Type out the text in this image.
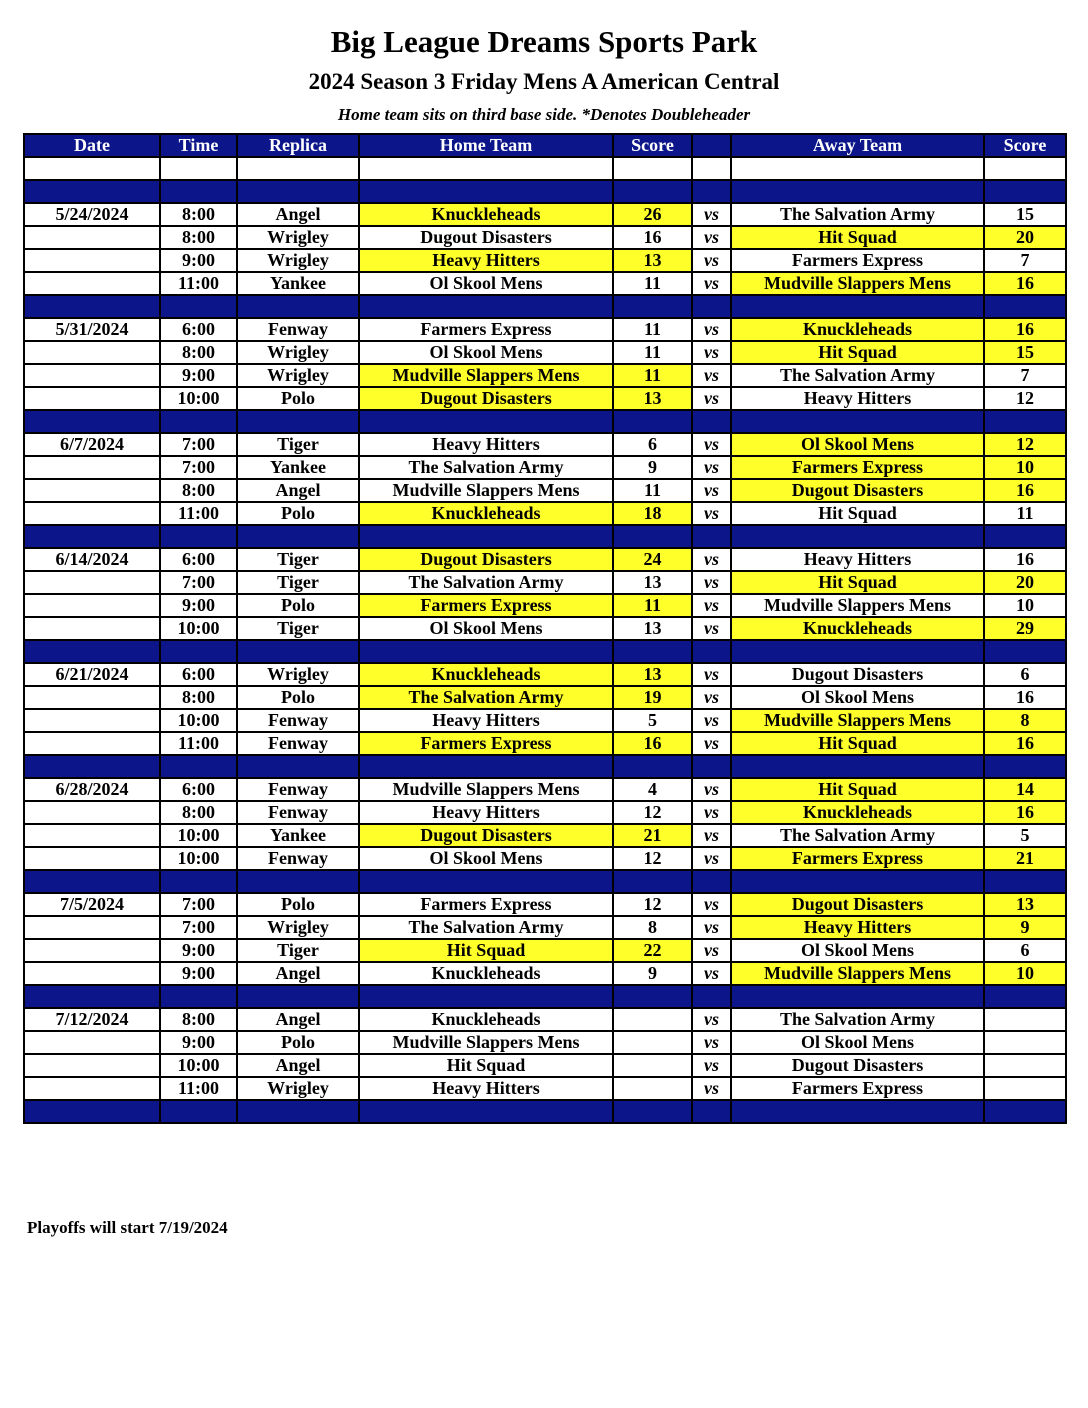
Big League Dreams Sports Park
2024 Season 3 Friday Mens A American Central
Home team sits on third base side. *Denotes Doubleheader
Date	Time	Replica	Home Team	Score		Away Team	Score

5/24/2024	8:00	Angel	Knuckleheads	26	vs	The Salvation Army	15
	8:00	Wrigley	Dugout Disasters	16	vs	Hit Squad	20
	9:00	Wrigley	Heavy Hitters	13	vs	Farmers Express	7
	11:00	Yankee	Ol Skool Mens	11	vs	Mudville Slappers Mens	16

5/31/2024	6:00	Fenway	Farmers Express	11	vs	Knuckleheads	16
	8:00	Wrigley	Ol Skool Mens	11	vs	Hit Squad	15
	9:00	Wrigley	Mudville Slappers Mens	11	vs	The Salvation Army	7
	10:00	Polo	Dugout Disasters	13	vs	Heavy Hitters	12

6/7/2024	7:00	Tiger	Heavy Hitters	6	vs	Ol Skool Mens	12
	7:00	Yankee	The Salvation Army	9	vs	Farmers Express	10
	8:00	Angel	Mudville Slappers Mens	11	vs	Dugout Disasters	16
	11:00	Polo	Knuckleheads	18	vs	Hit Squad	11

6/14/2024	6:00	Tiger	Dugout Disasters	24	vs	Heavy Hitters	16
	7:00	Tiger	The Salvation Army	13	vs	Hit Squad	20
	9:00	Polo	Farmers Express	11	vs	Mudville Slappers Mens	10
	10:00	Tiger	Ol Skool Mens	13	vs	Knuckleheads	29

6/21/2024	6:00	Wrigley	Knuckleheads	13	vs	Dugout Disasters	6
	8:00	Polo	The Salvation Army	19	vs	Ol Skool Mens	16
	10:00	Fenway	Heavy Hitters	5	vs	Mudville Slappers Mens	8
	11:00	Fenway	Farmers Express	16	vs	Hit Squad	16

6/28/2024	6:00	Fenway	Mudville Slappers Mens	4	vs	Hit Squad	14
	8:00	Fenway	Heavy Hitters	12	vs	Knuckleheads	16
	10:00	Yankee	Dugout Disasters	21	vs	The Salvation Army	5
	10:00	Fenway	Ol Skool Mens	12	vs	Farmers Express	21

7/5/2024	7:00	Polo	Farmers Express	12	vs	Dugout Disasters	13
	7:00	Wrigley	The Salvation Army	8	vs	Heavy Hitters	9
	9:00	Tiger	Hit Squad	22	vs	Ol Skool Mens	6
	9:00	Angel	Knuckleheads	9	vs	Mudville Slappers Mens	10

7/12/2024	8:00	Angel	Knuckleheads		vs	The Salvation Army	
	9:00	Polo	Mudville Slappers Mens		vs	Ol Skool Mens	
	10:00	Angel	Hit Squad		vs	Dugout Disasters	
	11:00	Wrigley	Heavy Hitters		vs	Farmers Express	

Playoffs will start 7/19/2024
